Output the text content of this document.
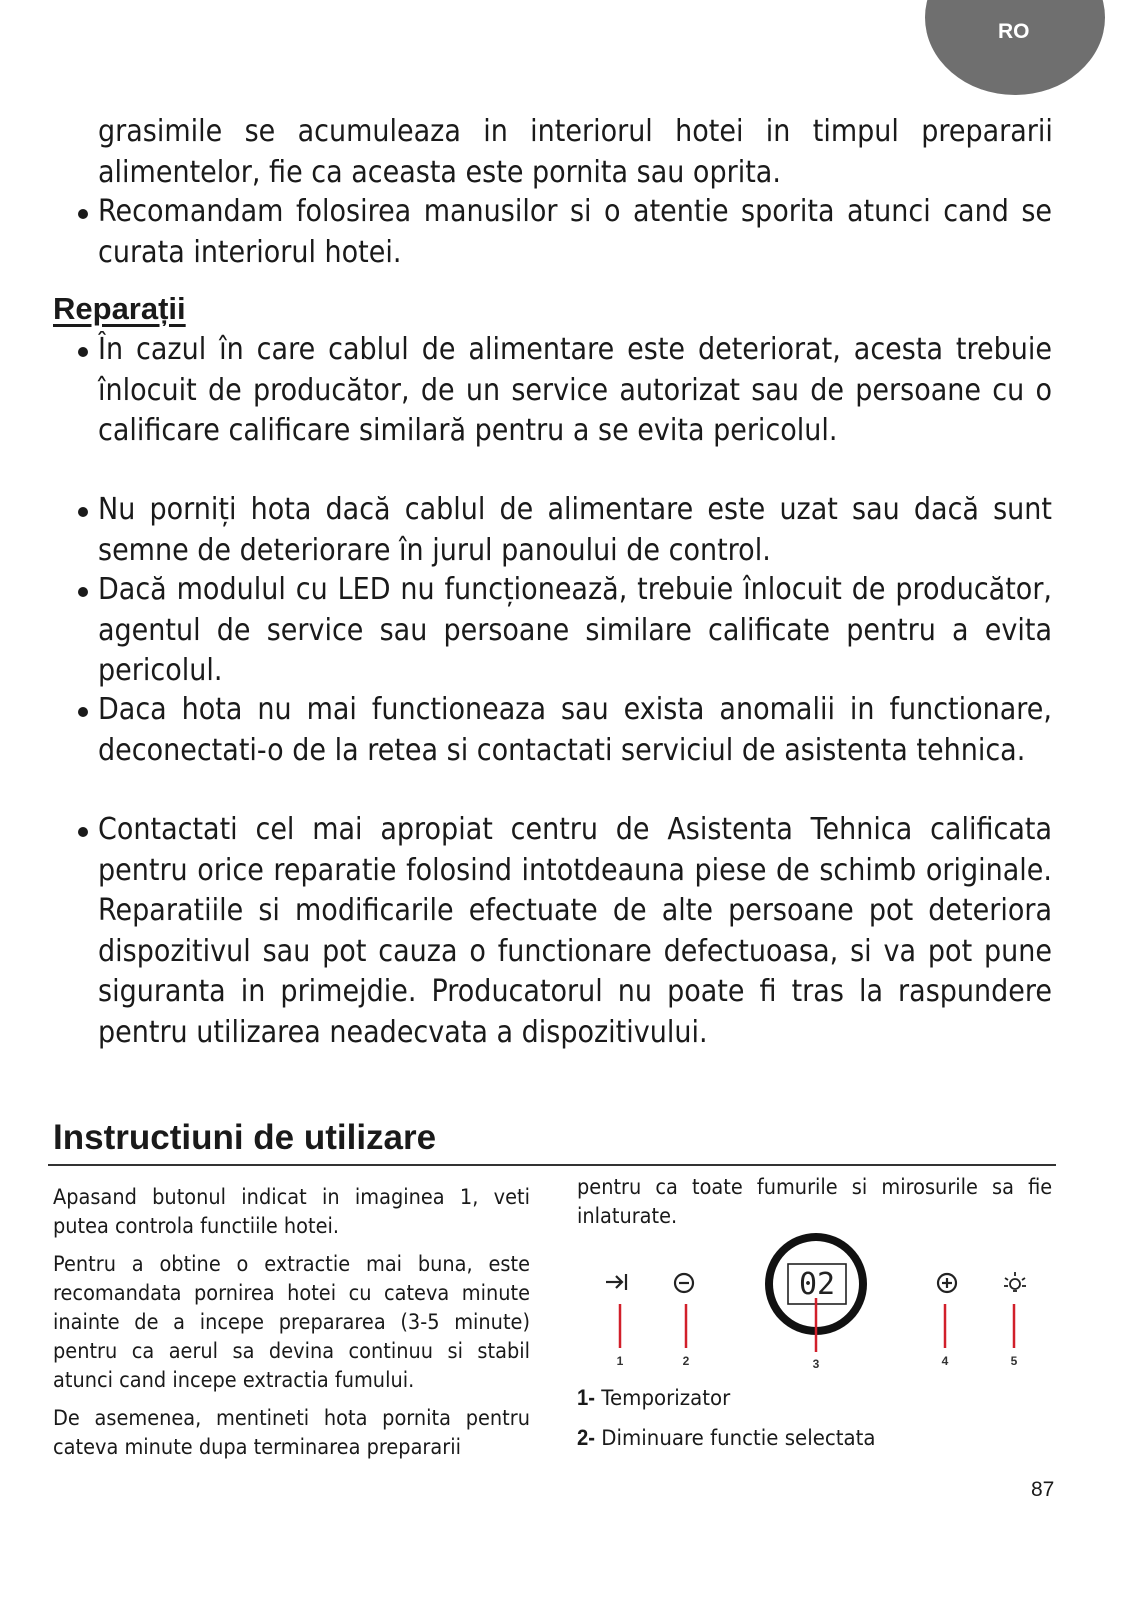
RO

grasimile se acumuleaza in interiorul hotei in timpul prepararii alimentelor, fie ca aceasta este pornita sau oprita.

Recomandam folosirea manusilor si o atentie sporita atunci cand se curata interiorul hotei.

Reparații

În cazul în care cablul de alimentare este deteriorat, acesta trebuie înlocuit de producător, de un service autorizat sau de persoane cu o calificare calificare similară pentru a se evita pericolul.

Nu porniți hota dacă cablul de alimentare este uzat sau dacă sunt semne de deteriorare în jurul panoului de control.

Dacă modulul cu LED nu funcționează, trebuie înlocuit de producător, agentul de service sau persoane similare calificate pentru a evita pericolul.

Daca hota nu mai functioneaza sau exista anomalii in functionare, deconectati-o de la retea si contactati serviciul de asistenta tehnica.

Contactati cel mai apropiat centru de Asistenta Tehnica calificata pentru orice reparatie folosind intotdeauna piese de schimb originale. Reparatiile si modificarile efectuate de alte persoane pot deteriora dispozitivul sau pot cauza o functionare defectuoasa, si va pot pune siguranta in primejdie. Producatorul nu poate fi tras la raspundere pentru utilizarea neadecvata a dispozitivului.

Instructiuni de utilizare

Apasand butonul indicat in imaginea 1, veti putea controla functiile hotei.

Pentru a obtine o extractie mai buna, este recomandata pornirea hotei cu cateva minute inainte de a incepe prepararea (3-5 minute) pentru ca aerul sa devina continuu si stabil atunci cand incepe extractia fumului.

De asemenea, mentineti hota pornita pentru cateva minute dupa terminarea prepararii

pentru ca toate fumurile si mirosurile sa fie inlaturate.

02
1	2	3	4	5
1- Temporizator
2- Diminuare functie selectata
87
